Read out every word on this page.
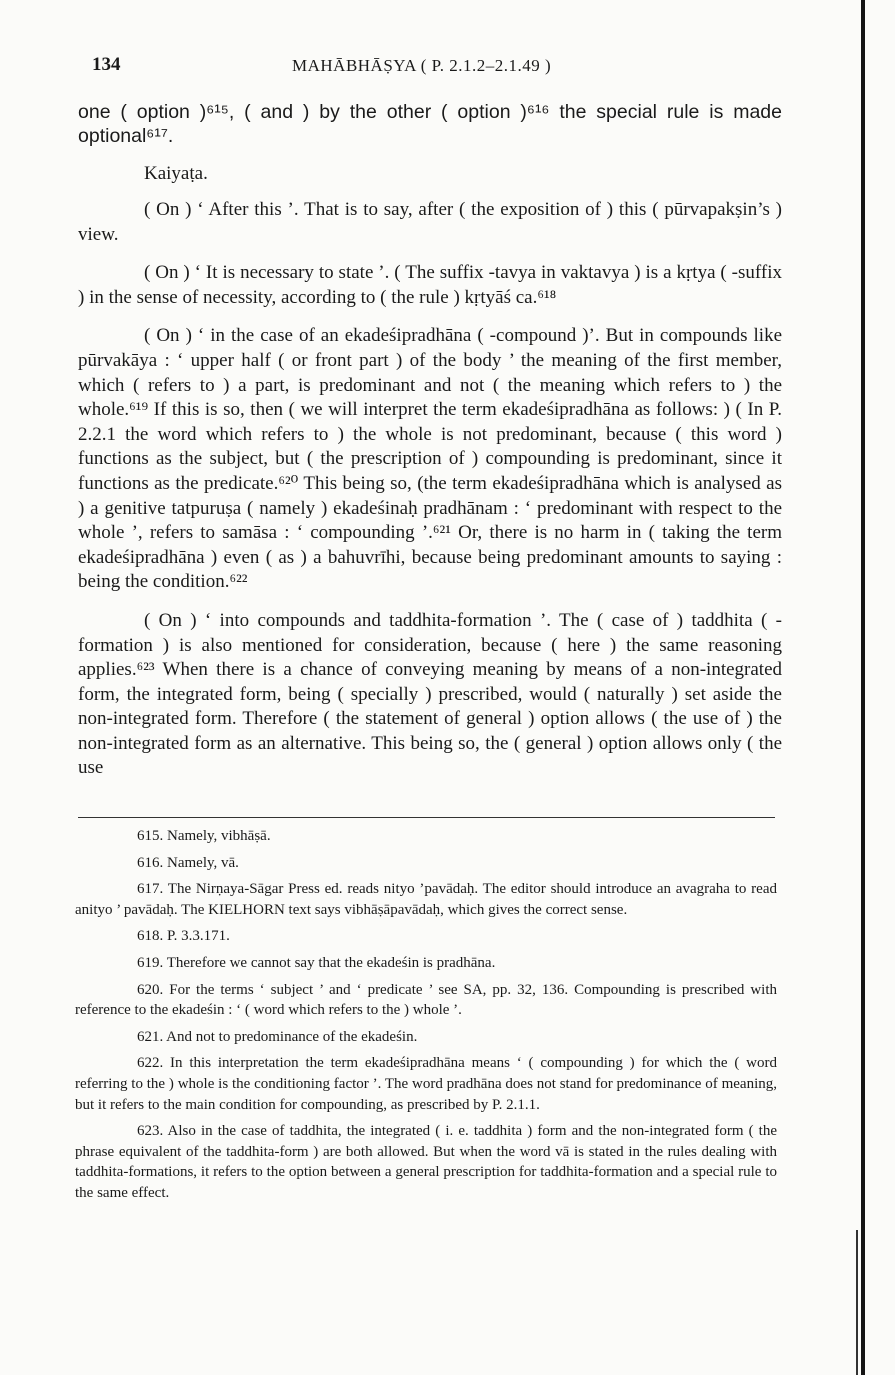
134	MAHĀBHĀṢYA ( P. 2.1.2–2.1.49 )

one ( option )⁶¹⁵, ( and ) by the other ( option )⁶¹⁶ the special rule is made optional⁶¹⁷.

Kaiyaṭa.

( On ) ‘ After this ’. That is to say, after ( the exposition of ) this ( pūrvapakṣin’s ) view.

( On ) ‘ It is necessary to state ’. ( The suffix -tavya in vaktavya ) is a kṛtya ( -suffix ) in the sense of necessity, according to ( the rule ) kṛtyāś ca.⁶¹⁸

( On ) ‘ in the case of an ekadeśipradhāna ( -compound )’. But in compounds like pūrvakāya : ‘ upper half ( or front part ) of the body ’ the meaning of the first member, which ( refers to ) a part, is predominant and not ( the meaning which refers to ) the whole.⁶¹⁹ If this is so, then ( we will interpret the term ekadeśipradhāna as follows: ) ( In P. 2.2.1 the word which refers to ) the whole is not predominant, because ( this word ) functions as the subject, but ( the prescription of ) compounding is predominant, since it functions as the predicate.⁶²⁰ This being so, (the term ekadeśipradhāna which is analysed as ) a genitive tatpuruṣa ( namely ) ekadeśinaḥ pradhānam : ‘ predominant with respect to the whole ’, refers to samāsa : ‘ compounding ’.⁶²¹ Or, there is no harm in ( taking the term ekadeśipradhāna ) even ( as ) a bahuvrīhi, because being predominant amounts to saying : being the condition.⁶²²

( On ) ‘ into compounds and taddhita-formation ’. The ( case of ) taddhita ( -formation ) is also mentioned for consideration, because ( here ) the same reasoning applies.⁶²³ When there is a chance of conveying meaning by means of a non-integrated form, the integrated form, being ( specially ) prescribed, would ( naturally ) set aside the non-integrated form. Therefore ( the statement of general ) option allows ( the use of ) the non-integrated form as an alternative. This being so, the ( general ) option allows only ( the use

615. Namely, vibhāṣā.

616. Namely, vā.

617. The Nirṇaya-Sāgar Press ed. reads nityo ’pavādaḥ. The editor should introduce an avagraha to read anityo ’ pavādaḥ. The KIELHORN text says vibhāṣāpavādaḥ, which gives the correct sense.

618. P. 3.3.171.

619. Therefore we cannot say that the ekadeśin is pradhāna.

620. For the terms ‘ subject ’ and ‘ predicate ’ see SA, pp. 32, 136. Compounding is prescribed with reference to the ekadeśin : ‘ ( word which refers to the ) whole ’.

621. And not to predominance of the ekadeśin.

622. In this interpretation the term ekadeśipradhāna means ‘ ( compounding ) for which the ( word referring to the ) whole is the conditioning factor ’. The word pradhāna does not stand for predominance of meaning, but it refers to the main condition for compounding, as prescribed by P. 2.1.1.

623. Also in the case of taddhita, the integrated ( i. e. taddhita ) form and the non-integrated form ( the phrase equivalent of the taddhita-form ) are both allowed. But when the word vā is stated in the rules dealing with taddhita-formations, it refers to the option between a general prescription for taddhita-formation and a special rule to the same effect.
